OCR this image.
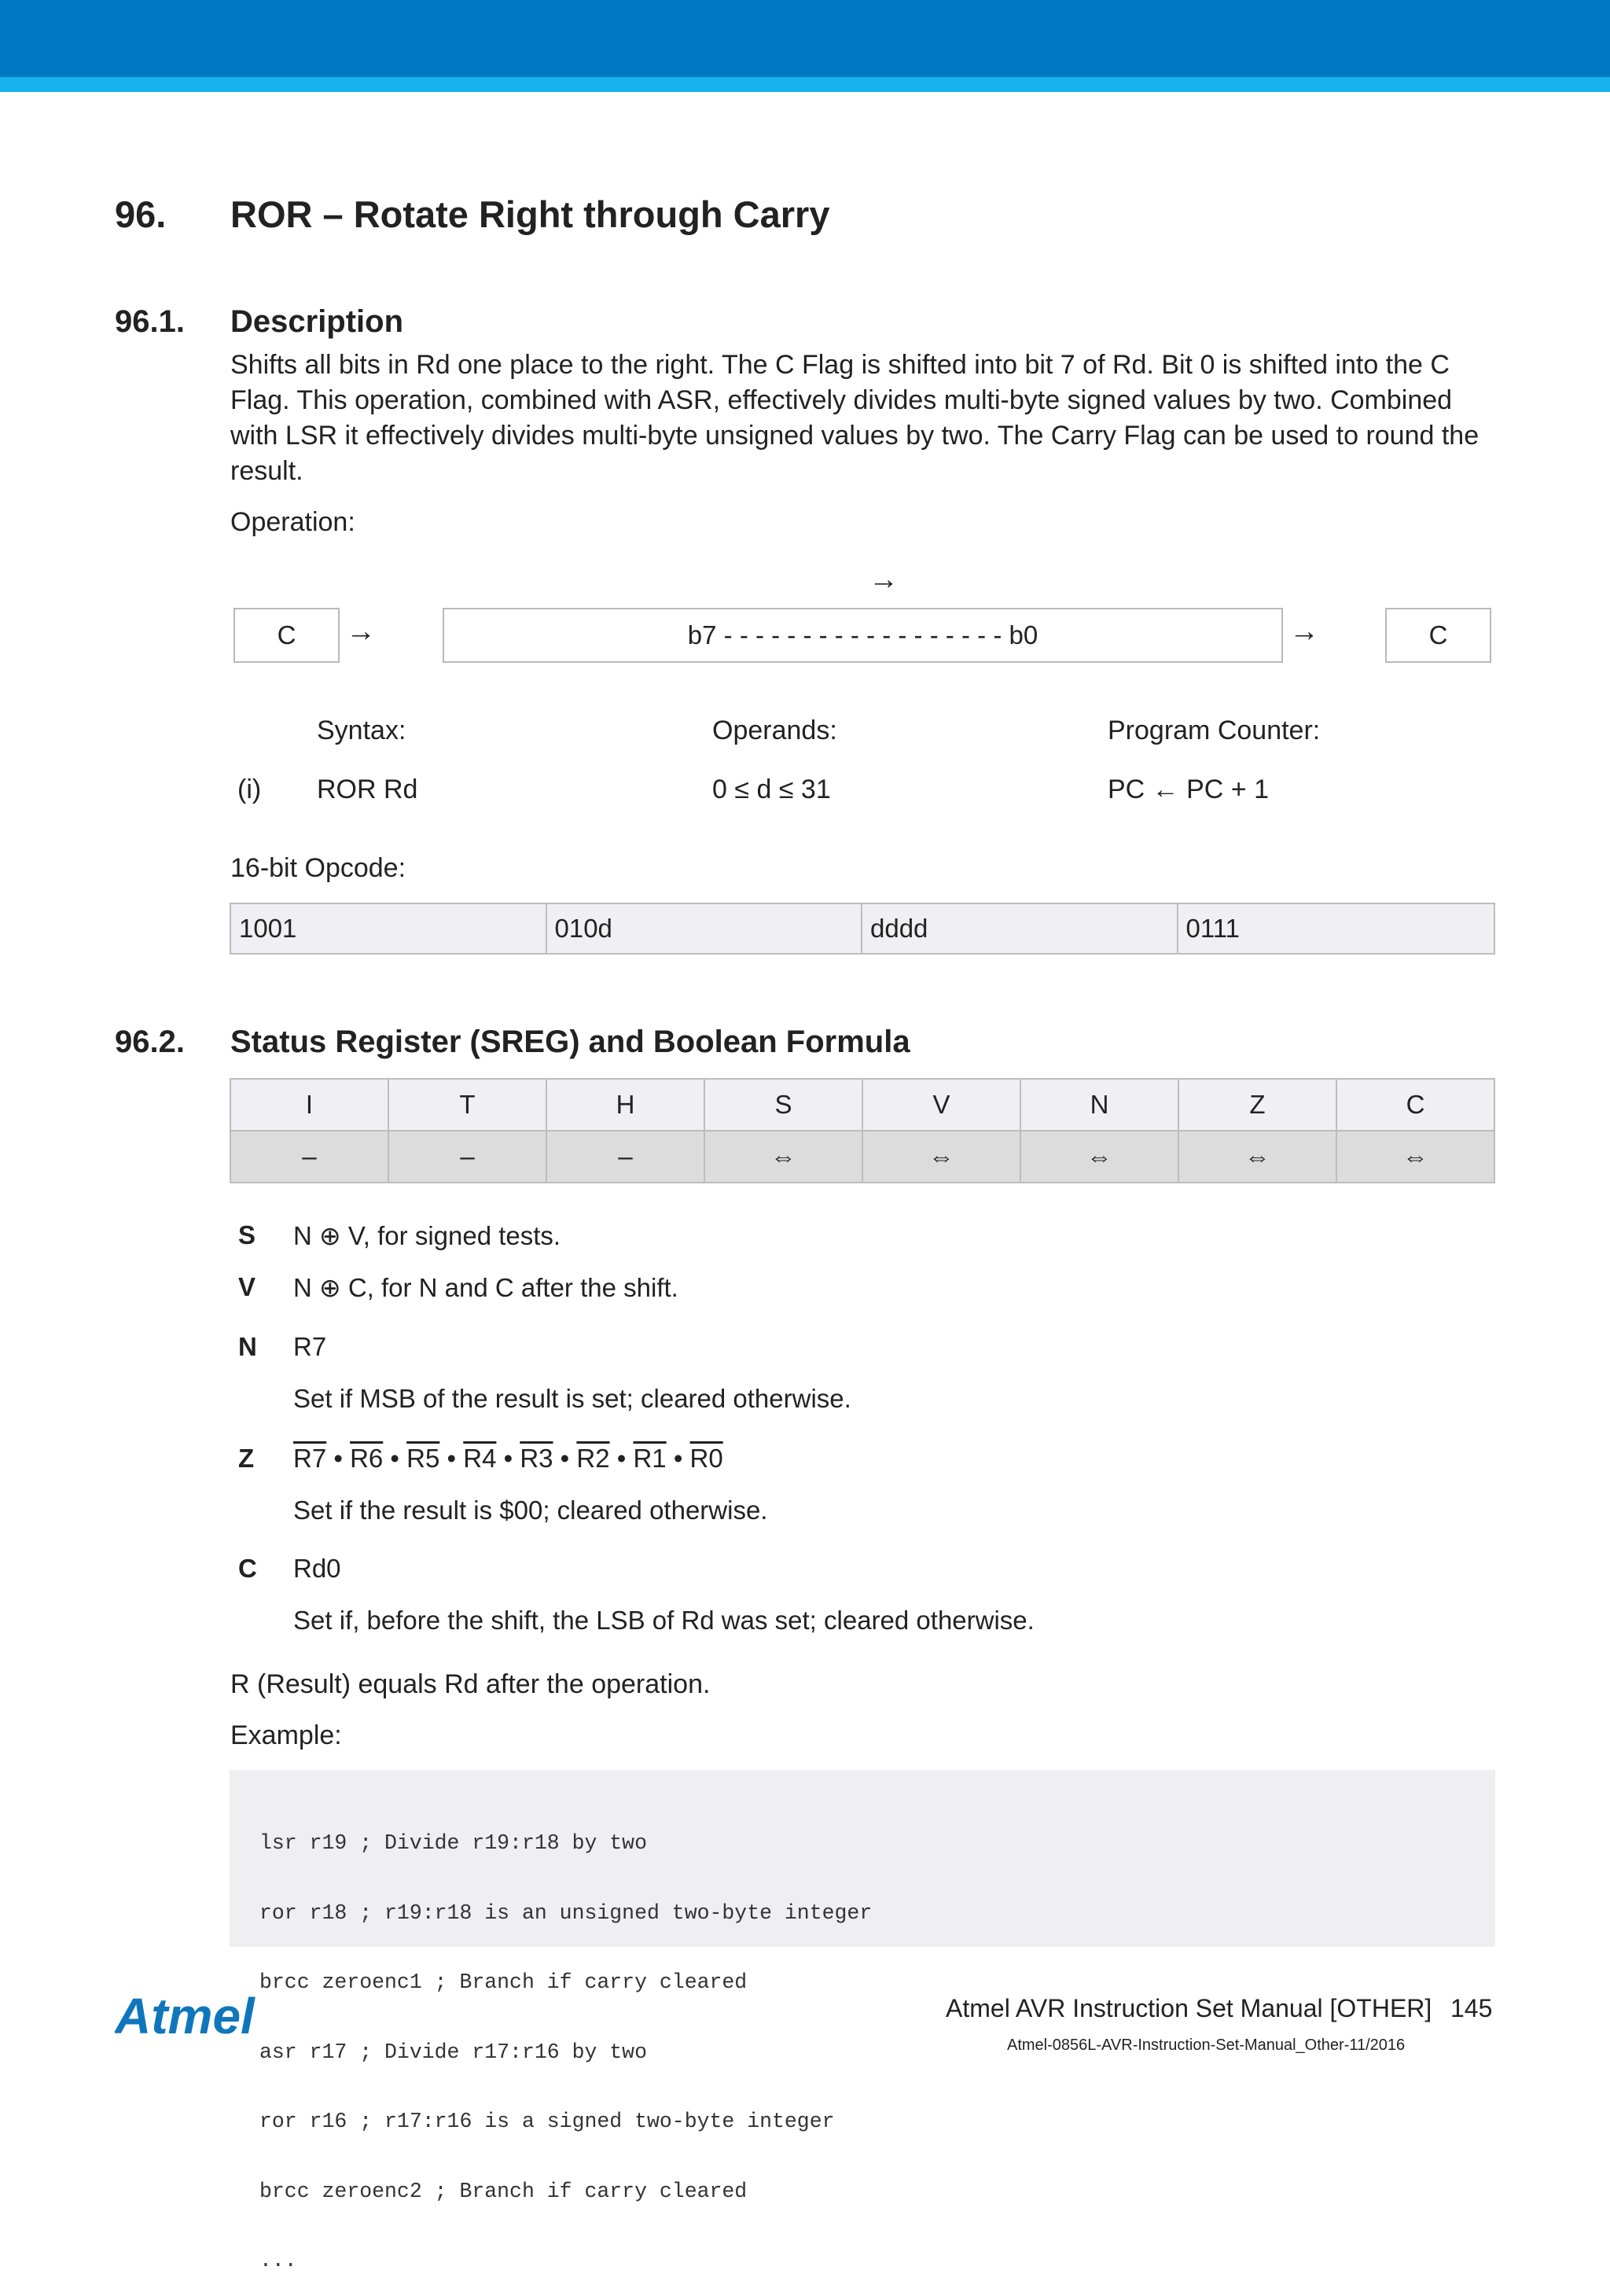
96. ROR – Rotate Right through Carry
96.1. Description
Shifts all bits in Rd one place to the right. The C Flag is shifted into bit 7 of Rd. Bit 0 is shifted into the C Flag. This operation, combined with ASR, effectively divides multi-byte signed values by two. Combined with LSR it effectively divides multi-byte unsigned values by two. The Carry Flag can be used to round the result.
Operation:
→
C	→	b7 - - - - - - - - - - - - - - - - - - b0	→	C
Syntax:	Operands:	Program Counter:
(i) ROR Rd	0 ≤ d ≤ 31	PC ← PC + 1
16-bit Opcode:
1001	010d	dddd	0111
96.2. Status Register (SREG) and Boolean Formula
I	T	H	S	V	N	Z	C
–	–	–	⇔	⇔	⇔	⇔	⇔
S N ⊕ V, for signed tests.
V N ⊕ C, for N and C after the shift.
N R7
Set if MSB of the result is set; cleared otherwise.
Z R7 • R6 • R5 • R4 • R3 • R2 • R1 • R0
Set if the result is $00; cleared otherwise.
C Rd0
Set if, before the shift, the LSB of Rd was set; cleared otherwise.
R (Result) equals Rd after the operation.
Example:

lsr r19 ; Divide r19:r18 by two

ror r18 ; r19:r18 is an unsigned two-byte integer

brcc zeroenc1 ; Branch if carry cleared

asr r17 ; Divide r17:r16 by two

ror r16 ; r17:r16 is a signed two-byte integer

brcc zeroenc2 ; Branch if carry cleared

...

Atmel	Atmel AVR Instruction Set Manual [OTHER] 145
Atmel-0856L-AVR-Instruction-Set-Manual_Other-11/2016
